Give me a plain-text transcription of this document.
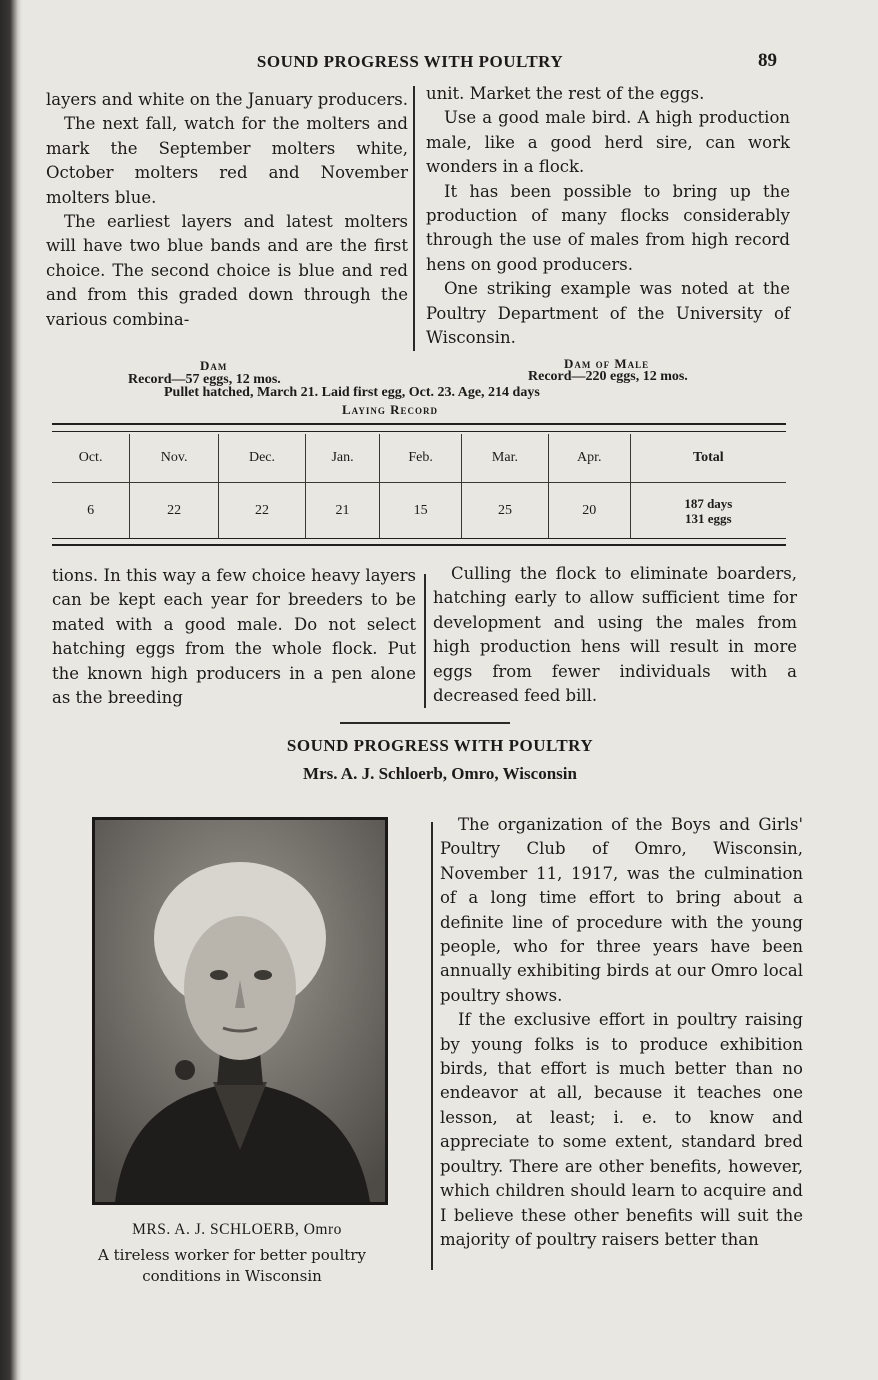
SOUND PROGRESS WITH POULTRY	89

layers and white on the January producers.

The next fall, watch for the molters and mark the September molters white, October molters red and November molters blue.

The earliest layers and latest molters will have two blue bands and are the first choice. The second choice is blue and red and from this graded down through the various combina-

unit. Market the rest of the eggs.

Use a good male bird. A high production male, like a good herd sire, can work wonders in a flock.

It has been possible to bring up the production of many flocks considerably through the use of males from high record hens on good producers.

One striking example was noted at the Poultry Department of the University of Wisconsin.

Dam
Record—57 eggs, 12 mos.
Dam of Male
Record—220 eggs, 12 mos.
Pullet hatched, March 21. Laid first egg, Oct. 23. Age, 214 days
Laying Record
Oct.	Nov.	Dec.	Jan.	Feb.	Mar.	Apr.	Total
6	22	22	21	15	25	20	187 days
131 eggs

tions. In this way a few choice heavy layers can be kept each year for breeders to be mated with a good male. Do not select hatching eggs from the whole flock. Put the known high producers in a pen alone as the breeding

Culling the flock to eliminate boarders, hatching early to allow sufficient time for development and using the males from high production hens will result in more eggs from fewer individuals with a decreased feed bill.

SOUND PROGRESS WITH POULTRY
Mrs. A. J. Schloerb, Omro, Wisconsin
MRS. A. J. SCHLOERB, Omro
A tireless worker for better poultry conditions in Wisconsin

The organization of the Boys and Girls' Poultry Club of Omro, Wisconsin, November 11, 1917, was the culmination of a long time effort to bring about a definite line of procedure with the young people, who for three years have been annually exhibiting birds at our Omro local poultry shows.

If the exclusive effort in poultry raising by young folks is to produce exhibition birds, that effort is much better than no endeavor at all, because it teaches one lesson, at least; i. e. to know and appreciate to some extent, standard bred poultry. There are other benefits, however, which children should learn to acquire and I believe these other benefits will suit the majority of poultry raisers better than
